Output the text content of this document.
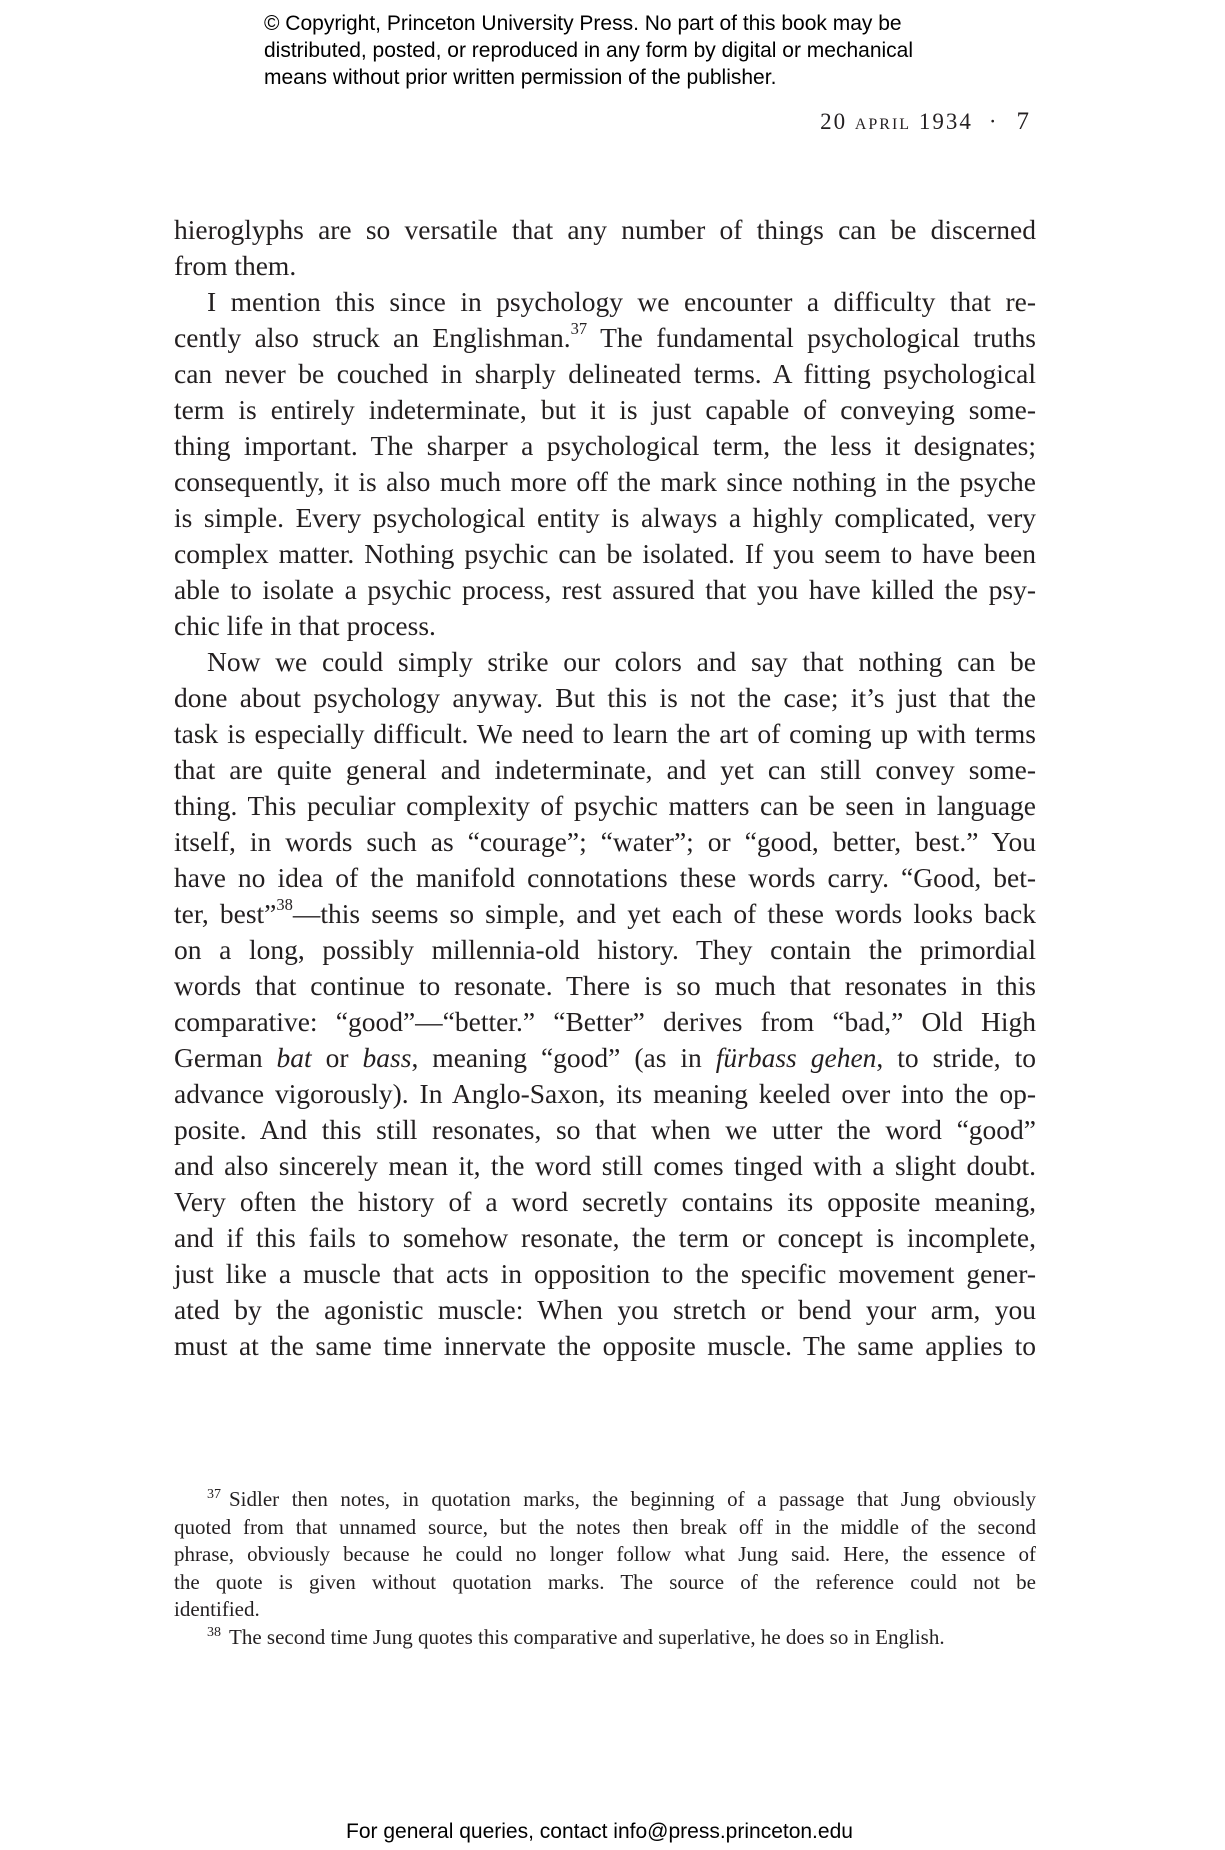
© Copyright, Princeton University Press. No part of this book may be
distributed, posted, or reproduced in any form by digital or mechanical
means without prior written permission of the publisher.
20 april 1934 · 7
hieroglyphs are so versatile that any number of things can be discerned
from them.
I mention this since in psychology we encounter a difficulty that re-
cently also struck an Englishman.$^{37}$ The fundamental psychological truths
can never be couched in sharply delineated terms. A fitting psychological
term is entirely indeterminate, but it is just capable of conveying some-
thing important. The sharper a psychological term, the less it designates;
consequently, it is also much more off the mark since nothing in the psyche
is simple. Every psychological entity is always a highly complicated, very
complex matter. Nothing psychic can be isolated. If you seem to have been
able to isolate a psychic process, rest assured that you have killed the psy-
chic life in that process.
Now we could simply strike our colors and say that nothing can be
done about psychology anyway. But this is not the case; it’s just that the
task is especially difficult. We need to learn the art of coming up with terms
that are quite general and indeterminate, and yet can still convey some-
thing. This peculiar complexity of psychic matters can be seen in language
itself, in words such as “courage”; “water”; or “good, better, best.” You
have no idea of the manifold connotations these words carry. “Good, bet-
ter, best”$^{38}$—this seems so simple, and yet each of these words looks back
on a long, possibly millennia-old history. They contain the primordial
words that continue to resonate. There is so much that resonates in this
comparative: “good”—“better.” “Better” derives from “bad,” Old High
German bat or bass, meaning “good” (as in fürbass gehen, to stride, to
advance vigorously). In Anglo-Saxon, its meaning keeled over into the op-
posite. And this still resonates, so that when we utter the word “good”
and also sincerely mean it, the word still comes tinged with a slight doubt.
Very often the history of a word secretly contains its opposite meaning,
and if this fails to somehow resonate, the term or concept is incomplete,
just like a muscle that acts in opposition to the specific movement gener-
ated by the agonistic muscle: When you stretch or bend your arm, you
must at the same time innervate the opposite muscle. The same applies to
$^{37}$ Sidler then notes, in quotation marks, the beginning of a passage that Jung obviously
quoted from that unnamed source, but the notes then break off in the middle of the second
phrase, obviously because he could no longer follow what Jung said. Here, the essence of
the quote is given without quotation marks. The source of the reference could not be
identified.
$^{38}$ The second time Jung quotes this comparative and superlative, he does so in English.
For general queries, contact info@press.princeton.edu
